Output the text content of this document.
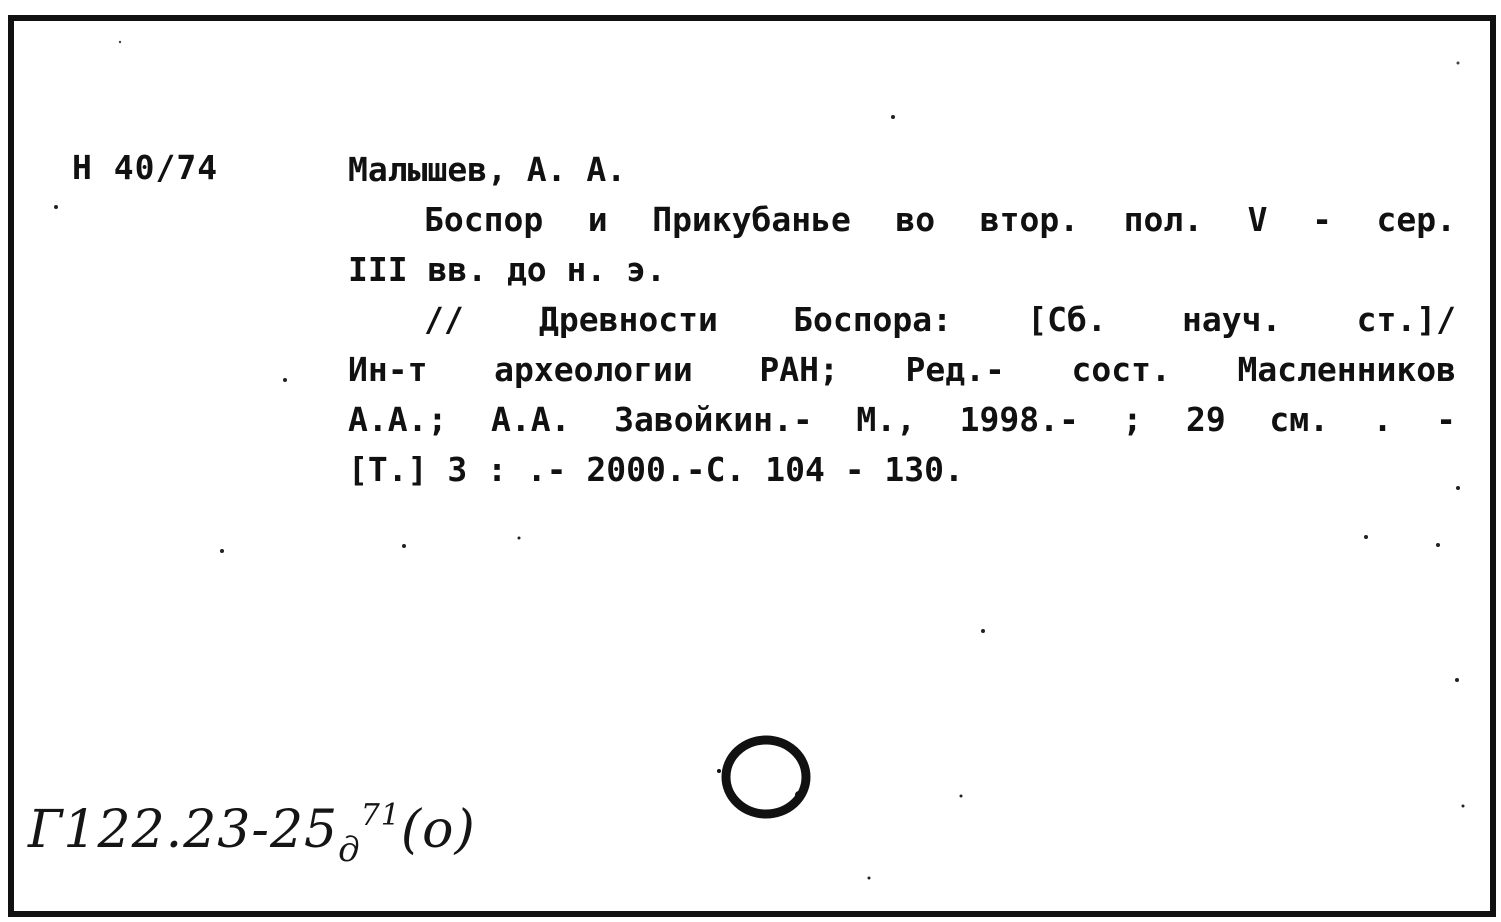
Н 40/74	Малышев, А. А.
Боспор и Прикубанье во втор. пол. V - сер.
III вв. до н. э.
// Древности Боспора: [Сб. науч. ст.]/
Ин-т археологии РАН; Ред.- сост. Масленников
А.А.; А.А. Завойкин.- М., 1998.- ; 29 см. . -
[Т.] 3 : .- 2000.-С. 104 - 130.
$Г122.23-25_д^{71}(о)$
